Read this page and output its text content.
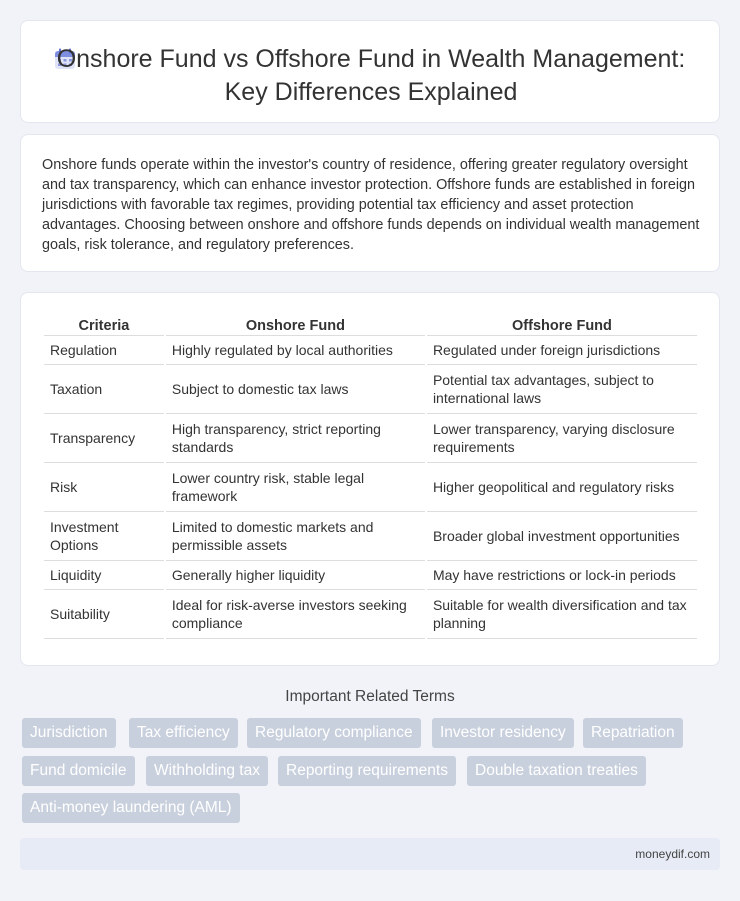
Onshore Fund vs Offshore Fund in Wealth Management:
Key Differences Explained

Onshore funds operate within the investor's country of residence, offering greater regulatory oversight and tax transparency, which can enhance investor protection. Offshore funds are established in foreign jurisdictions with favorable tax regimes, providing potential tax efficiency and asset protection advantages. Choosing between onshore and offshore funds depends on individual wealth management goals, risk tolerance, and regulatory preferences.

Criteria	Onshore Fund	Offshore Fund
Regulation	Highly regulated by local authorities	Regulated under foreign jurisdictions
Taxation	Subject to domestic tax laws	Potential tax advantages, subject to international laws
Transparency	High transparency, strict reporting standards	Lower transparency, varying disclosure requirements
Risk	Lower country risk, stable legal framework	Higher geopolitical and regulatory risks
Investment Options	Limited to domestic markets and permissible assets	Broader global investment opportunities
Liquidity	Generally higher liquidity	May have restrictions or lock-in periods
Suitability	Ideal for risk-averse investors seeking compliance	Suitable for wealth diversification and tax planning
Important Related Terms
Jurisdiction	Tax efficiency	Regulatory compliance	Investor residency	Repatriation
Fund domicile	Withholding tax	Reporting requirements	Double taxation treaties
Anti-money laundering (AML)
moneydif.com
